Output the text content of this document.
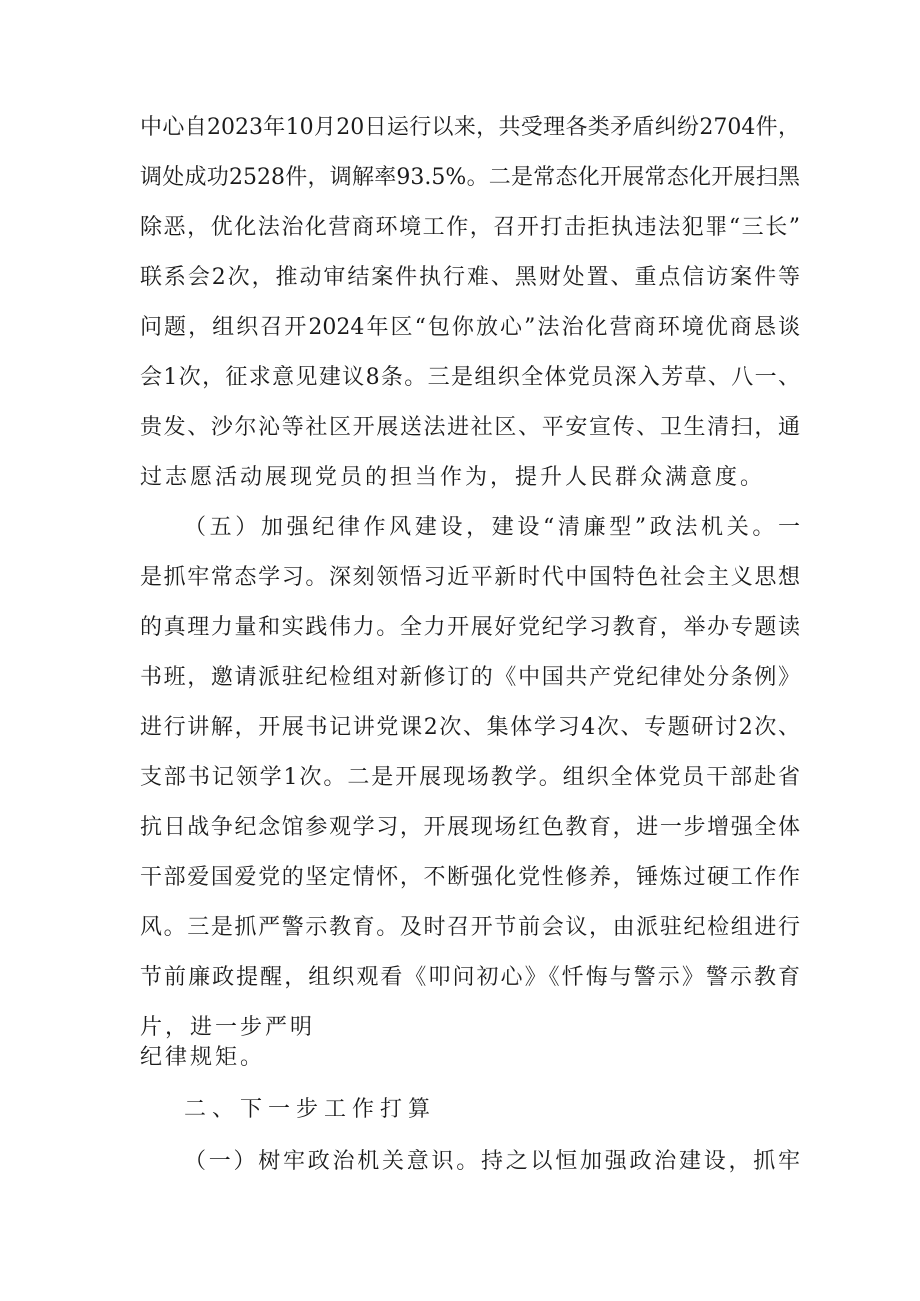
中心自2023年10月20日运行以来，共受理各类矛盾纠纷2704件，
调处成功2528件，调解率93.5%。二是常态化开展常态化开展扫黑
除恶，优化法治化营商环境工作，召开打击拒执违法犯罪“三长”
联系会2次，推动审结案件执行难、黑财处置、重点信访案件等
问题，组织召开2024年区“包你放心”法治化营商环境优商恳谈
会1次，征求意见建议8条。三是组织全体党员深入芳草、八一、
贵发、沙尔沁等社区开展送法进社区、平安宣传、卫生清扫，通
过志愿活动展现党员的担当作为，提升人民群众满意度。
（五）加强纪律作风建设，建设“清廉型”政法机关。一
是抓牢常态学习。深刻领悟习近平新时代中国特色社会主义思想
的真理力量和实践伟力。全力开展好党纪学习教育，举办专题读
书班，邀请派驻纪检组对新修订的《中国共产党纪律处分条例》
进行讲解，开展书记讲党课2次、集体学习4次、专题研讨2次、
支部书记领学1次。二是开展现场教学。组织全体党员干部赴省
抗日战争纪念馆参观学习，开展现场红色教育，进一步增强全体
干部爱国爱党的坚定情怀，不断强化党性修养，锤炼过硬工作作
风。三是抓严警示教育。及时召开节前会议，由派驻纪检组进行
节前廉政提醒，组织观看《叩问初心》《忏悔与警示》警示教育
片，进一步严明
纪律规矩。
二、下一步工作打算
（一）树牢政治机关意识。持之以恒加强政治建设，抓牢
